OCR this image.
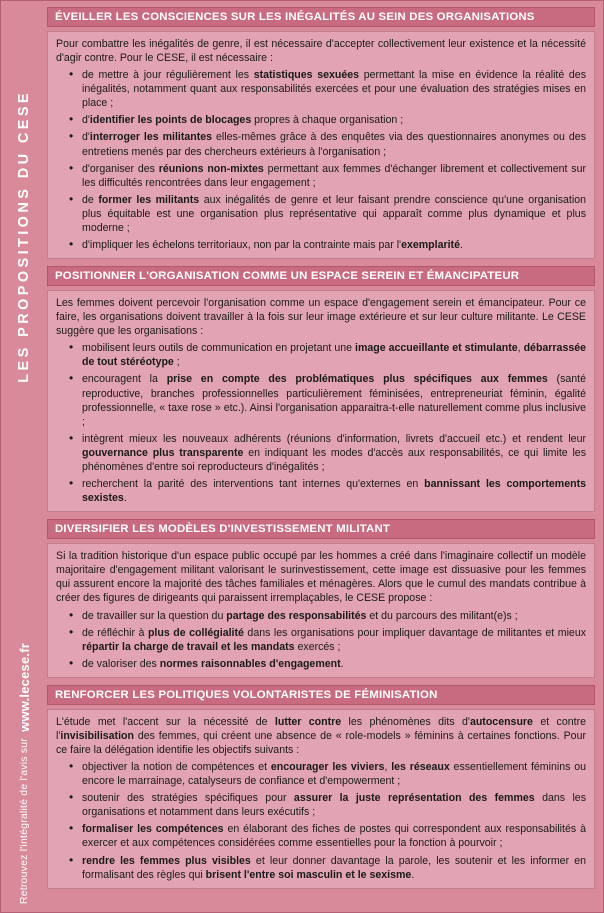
LES PROPOSITIONS DU CESE
Retrouvez l'intégralité de l'avis sur
www.lecese.fr
ÉVEILLER LES CONSCIENCES SUR LES INÉGALITÉS AU SEIN DES ORGANISATIONS

Pour combattre les inégalités de genre, il est nécessaire d'accepter collectivement leur existence et la nécessité d'agir contre. Pour le CESE, il est nécessaire :

• de mettre à jour régulièrement les statistiques sexuées permettant la mise en évidence la réalité des inégalités, notamment quant aux responsabilités exercées et pour une évaluation des stratégies mises en place ;
• d'identifier les points de blocages propres à chaque organisation ;
• d'interroger les militantes elles-mêmes grâce à des enquêtes via des questionnaires anonymes ou des entretiens menés par des chercheurs extérieurs à l'organisation ;
• d'organiser des réunions non-mixtes permettant aux femmes d'échanger librement et collectivement sur les difficultés rencontrées dans leur engagement ;
• de former les militants aux inégalités de genre et leur faisant prendre conscience qu'une organisation plus équitable est une organisation plus représentative qui apparaît comme plus dynamique et plus moderne ;
• d'impliquer les échelons territoriaux, non par la contrainte mais par l'exemplarité.
POSITIONNER L'ORGANISATION COMME UN ESPACE SEREIN ET ÉMANCIPATEUR

Les femmes doivent percevoir l'organisation comme un espace d'engagement serein et émancipateur. Pour ce faire, les organisations doivent travailler à la fois sur leur image extérieure et sur leur culture militante. Le CESE suggère que les organisations :

• mobilisent leurs outils de communication en projetant une image accueillante et stimulante, débarrassée de tout stéréotype ;
• encouragent la prise en compte des problématiques plus spécifiques aux femmes (santé reproductive, branches professionnelles particulièrement féminisées, entrepreneuriat féminin, égalité professionnelle, « taxe rose » etc.). Ainsi l'organisation apparaitra-t-elle naturellement comme plus inclusive ;
• intègrent mieux les nouveaux adhérents (réunions d'information, livrets d'accueil etc.) et rendent leur gouvernance plus transparente en indiquant les modes d'accès aux responsabilités, ce qui limite les phénomènes d'entre soi reproducteurs d'inégalités ;
• recherchent la parité des interventions tant internes qu'externes en bannissant les comportements sexistes.
DIVERSIFIER LES MODÈLES D'INVESTISSEMENT MILITANT

Si la tradition historique d'un espace public occupé par les hommes a créé dans l'imaginaire collectif un modèle majoritaire d'engagement militant valorisant le surinvestissement, cette image est dissuasive pour les femmes qui assurent encore la majorité des tâches familiales et ménagères. Alors que le cumul des mandats contribue à créer des figures de dirigeants qui paraissent irremplaçables, le CESE propose :

• de travailler sur la question du partage des responsabilités et du parcours des militant(e)s ;
• de réfléchir à plus de collégialité dans les organisations pour impliquer davantage de militantes et mieux répartir la charge de travail et les mandats exercés ;
• de valoriser des normes raisonnables d'engagement.
RENFORCER LES POLITIQUES VOLONTARISTES DE FÉMINISATION

L'étude met l'accent sur la nécessité de lutter contre les phénomènes dits d'autocensure et contre l'invisibilisation des femmes, qui créent une absence de « role-models » féminins à certaines fonctions. Pour ce faire la délégation identifie les objectifs suivants :

• objectiver la notion de compétences et encourager les viviers, les réseaux essentiellement féminins ou encore le marrainage, catalyseurs de confiance et d'empowerment ;
• soutenir des stratégies spécifiques pour assurer la juste représentation des femmes dans les organisations et notamment dans leurs exécutifs ;
• formaliser les compétences en élaborant des fiches de postes qui correspondent aux responsabilités à exercer et aux compétences considérées comme essentielles pour la fonction à pourvoir ;
• rendre les femmes plus visibles et leur donner davantage la parole, les soutenir et les informer en formalisant des règles qui brisent l'entre soi masculin et le sexisme.
